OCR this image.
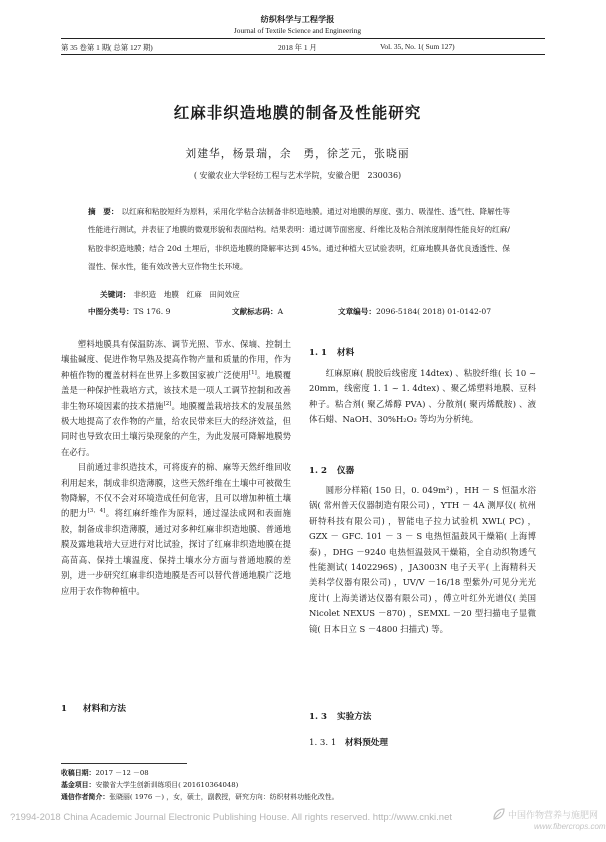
纺织科学与工程学报
Journal of Textile Science and Engineering
第 35 卷第 1 期( 总第 127 期)	2018 年 1 月	Vol. 35, No. 1( Sum 127)
红麻非织造地膜的制备及性能研究
刘建华，杨景瑞，余　勇，徐芝元，张晓丽
( 安徽农业大学轻纺工程与艺术学院，安徽合肥　230036)
摘　要： 以红麻和粘胶短纤为原料，采用化学粘合法制备非织造地膜。通过对地膜的厚度、强力、吸湿性、透气性、降解性等性能进行测试，并表征了地膜的微观形貌和表面结构。结果表明：通过调节面密度、纤维比及粘合剂浓度制得性能良好的红麻/粘胶非织造地膜；结合 20d 土埋后，非织造地膜的降解率达到 45%。通过种植大豆试验表明，红麻地膜具备优良透透性、保湿性、保水性，能有效改善大豆作物生长环境。
关键词： 非织造　地膜　红麻　田间效应
中图分类号：TS 176. 9	文献标志码：A	文章编号：2096-5184( 2018) 01-0142-07

塑料地膜具有保温防冻、调节光照、节水、保墒、控制土壤盐碱度、促进作物早熟及提高作物产量和质量的作用，作为种植作物的覆盖材料在世界上多数国家被广泛使用[1]。地膜覆盖是一种保护性栽培方式，该技术是一项人工调节控制和改善非生物环境因素的技术措施[2]。地膜覆盖栽培技术的发展虽然极大地提高了农作物的产量，给农民带来巨大的经济效益，但同时也导致农田土壤污染现象的产生，为此发展可降解地膜势在必行。

目前通过非织造技术，可将废弃的棉、麻等天然纤维回收利用起来，制成非织造薄膜，这些天然纤维在土壤中可被微生物降解，不仅不会对环境造成任何危害，且可以增加种植土壤的肥力[3，4]。将红麻纤维作为原料，通过湿法成网和表面施胶，制备成非织造薄膜，通过对多种红麻非织造地膜、普通地膜及露地栽培大豆进行对比试验，探讨了红麻非织造地膜在提高苗高、保持土壤温度、保持土壤水分方面与普通地膜的差别，进一步研究红麻非织造地膜是否可以替代普通地膜广泛地应用于农作物种植中。

1 材料和方法
1. 1 材料

红麻原麻( 脱胶后线密度 14dtex) 、粘胶纤维( 长 10 ~ 20mm，线密度 1. 1 ~ 1. 4dtex) 、聚乙烯塑料地膜、豆科种子。粘合剂( 聚乙烯醇 PVA) 、分散剂( 聚丙烯酰胺) 、液体石蜡、NaOH、30%H₂O₂ 等均为分析纯。

1. 2 仪器

圆形分样箱( 150 日，0. 049m²) ，HH － S 恒温水浴锅( 常州普天仪器制造有限公司) ，YTH － 4A 测厚仪( 杭州研特科技有限公司) ，智能电子拉力试验机 XWL( PC) ，GZX － GFC. 101 － 3 － S 电热恒温鼓风干燥箱( 上海博泰) ，DHG －9240 电热恒温鼓风干燥箱，全自动织物透气性能测试( 1402296S) ，JA3003N 电子天平( 上海精科天美科学仪器有限公司) ，UV/V －16/18 型紫外/可见分光光度计( 上海美谱达仪器有限公司) ，傅立叶红外光谱仪( 美国 Nicolet NEXUS －870) ，SEMXL －20 型扫描电子显微镜( 日本日立 S －4800 扫描式) 等。

1. 3 实验方法
1. 3. 1 材料预处理
收稿日期：2017 －12 －08
基金项目：安徽省大学生创新训练项目( 201610364048)
通信作者简介：张晓丽( 1976 －) ，女，硕士，副教授，研究方向：纺织材料功能化改性。
?1994-2018 China Academic Journal Electronic Publishing House. All rights reserved. http://www.cnki.net	中国作物营养与施肥网
www.fibercrops.com
